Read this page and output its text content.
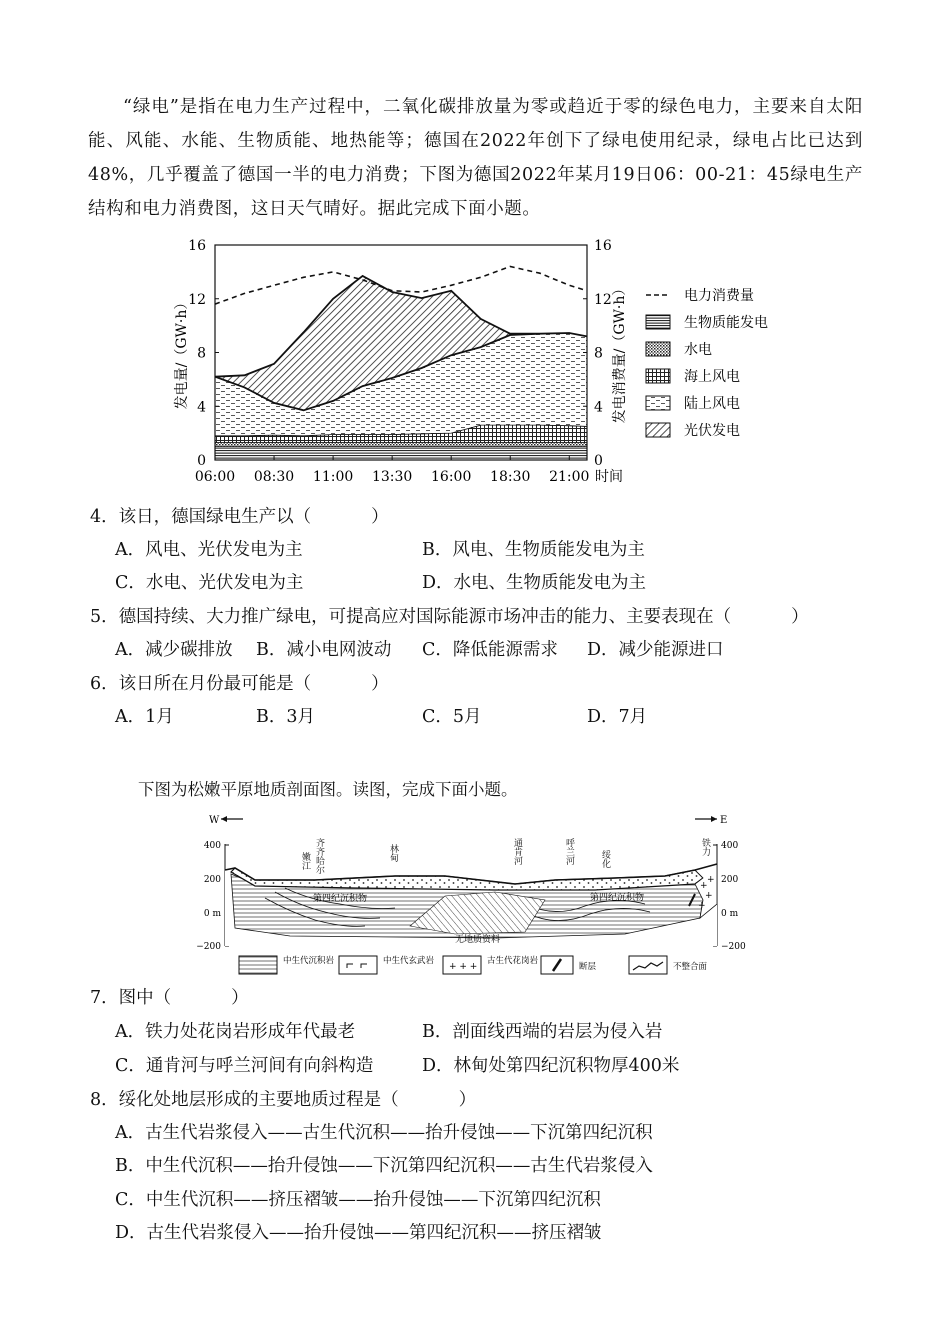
“绿电”是指在电力生产过程中，二氧化碳排放量为零或趋近于零的绿色电力，主要来自太阳能、风能、水能、生物质能、地热能等；德国在2022年创下了绿电使用纪录，绿电占比已达到48%，几乎覆盖了德国一半的电力消费；下图为德国2022年某月19日06：00-21：45绿电生产结构和电力消费图，这日天气晴好。据此完成下面小题。

0	0
4	4
8	8
12	12
16	16
06:00 08:30 11:00 13:30 16:00 18:30 21:00 时间
发电量/（GW·h）	发电消费量/（GW·h）	电力消费量
生物质能发电
水电
海上风电
陆上风电
光伏发电
4．该日，德国绿电生产以（	）
A．风电、光伏发电为主	B．风电、生物质能发电为主
C．水电、光伏发电为主	D．水电、生物质能发电为主
5．德国持续、大力推广绿电，可提高应对国际能源市场冲击的能力、主要表现在（	）
A．减少碳排放 B．减小电网波动 C．降低能源需求 D．减少能源进口
6．该日所在月份最可能是（	）
A．1月	B．3月	C．5月	D．7月
下图为松嫩平原地质剖面图。读图，完成下面小题。
W	E
400
200
0 m
−200
400
200
0 m
−200
+
+
+
+
第四纪沉积物	第四纪沉积物
无地质资料
嫩江 齐齐哈尔	林甸	通肯河	呼兰河	绥化
铁力
中生代沉积岩	中生代玄武岩
+ + +
古生代花岗岩
断层	不整合面
7．图中（	）
A．铁力处花岗岩形成年代最老	B．剖面线西端的岩层为侵入岩
C．通肯河与呼兰河间有向斜构造	D．林甸处第四纪沉积物厚400米
8．绥化处地层形成的主要地质过程是（	）
A．古生代岩浆侵入——古生代沉积——抬升侵蚀——下沉第四纪沉积
B．中生代沉积——抬升侵蚀——下沉第四纪沉积——古生代岩浆侵入
C．中生代沉积——挤压褶皱——抬升侵蚀——下沉第四纪沉积
D．古生代岩浆侵入——抬升侵蚀——第四纪沉积——挤压褶皱
